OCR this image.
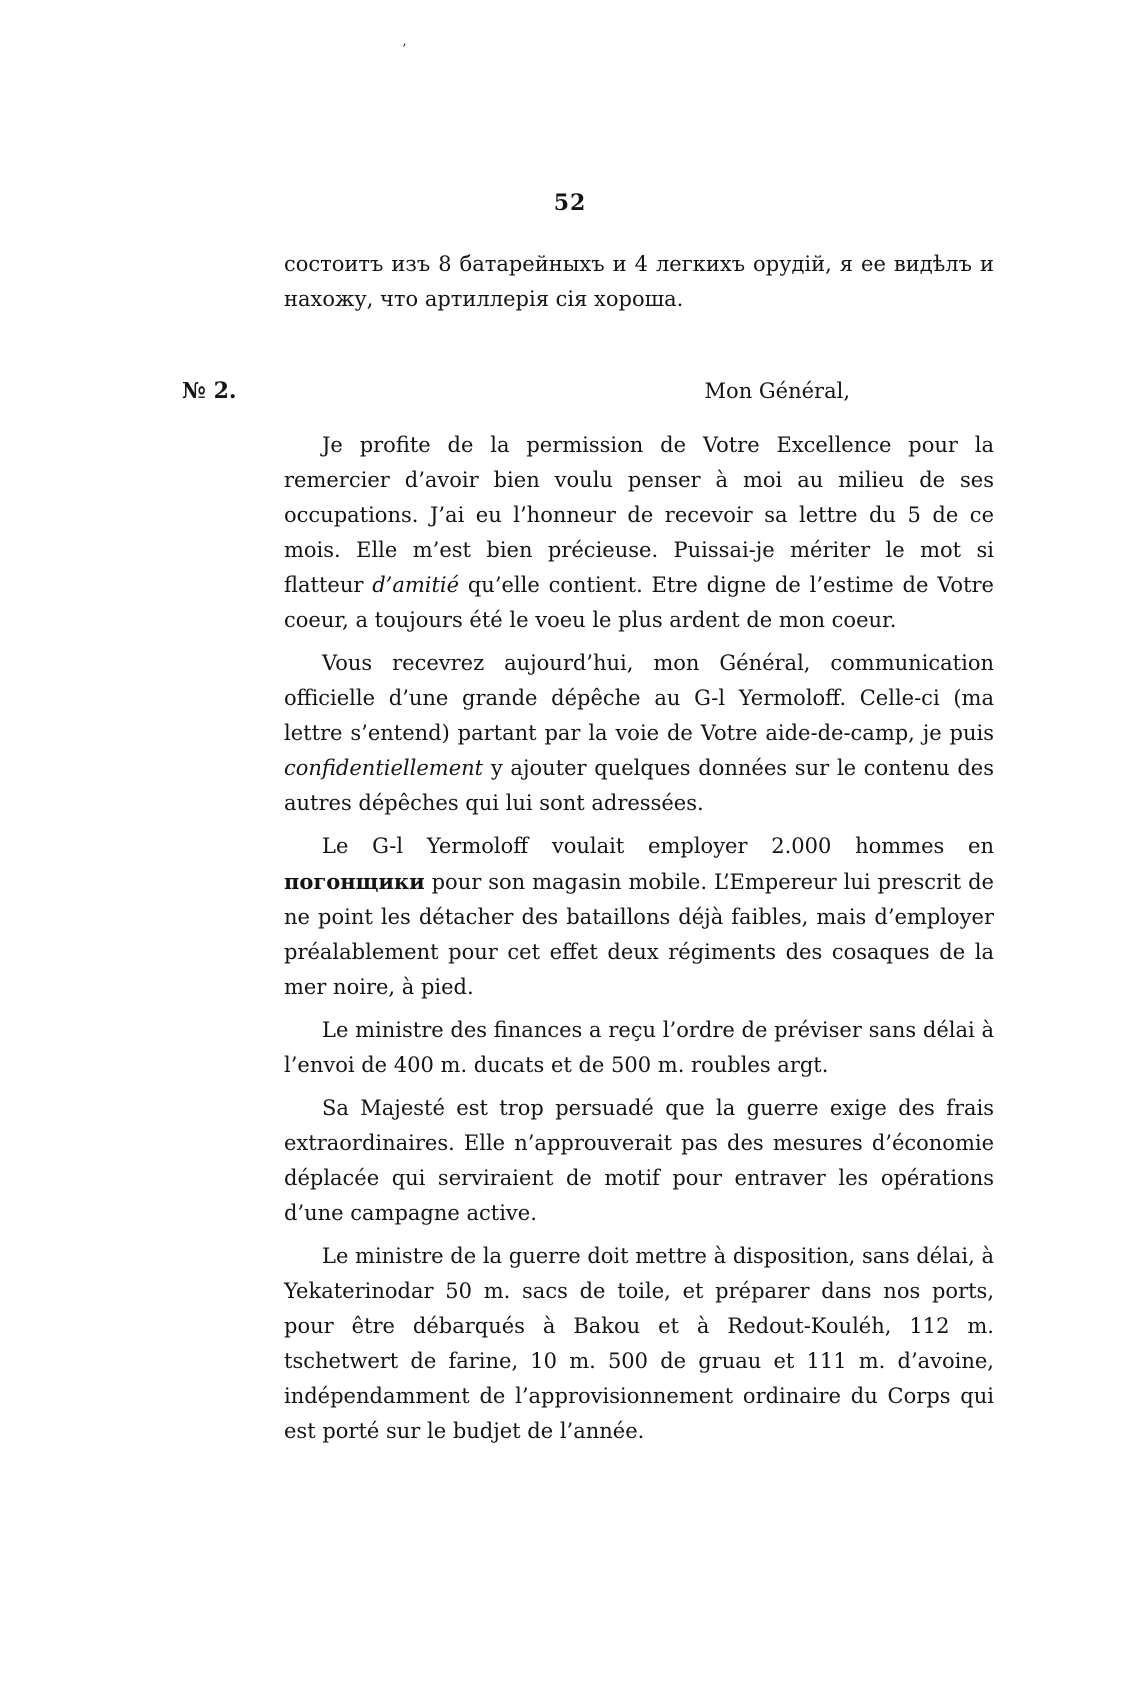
’
52

состоитъ изъ 8 батарейныхъ и 4 легкихъ орудій, я ее видѣлъ и нахожу, что артиллерія сія хороша.

№ 2.	Mon Général,

Je profite de la permission de Votre Excellence pour la remercier d’avoir bien voulu penser à moi au milieu de ses occupations. J’ai eu l’honneur de recevoir sa lettre du 5 de ce mois. Elle m’est bien précieuse. Puissai-je mériter le mot si flatteur d’amitié qu’elle contient. Etre digne de l’estime de Votre coeur, a toujours été le voeu le plus ardent de mon coeur.

Vous recevrez aujourd’hui, mon Général, communication officielle d’une grande dépêche au G-l Yermoloff. Celle-ci (ma lettre s’entend) partant par la voie de Votre aide-de-camp, je puis confidentiellement y ajouter quelques données sur le contenu des autres dépêches qui lui sont adressées.

Le G-l Yermoloff voulait employer 2.000 hommes en погонщики pour son magasin mobile. L’Empereur lui prescrit de ne point les détacher des bataillons déjà faibles, mais d’employer préalablement pour cet effet deux régiments des cosaques de la mer noire, à pied.

Le ministre des finances a reçu l’ordre de préviser sans délai à l’envoi de 400 m. ducats et de 500 m. roubles argt.

Sa Majesté est trop persuadé que la guerre exige des frais extraordinaires. Elle n’approuverait pas des mesures d’économie déplacée qui serviraient de motif pour entraver les opérations d’une campagne active.

Le ministre de la guerre doit mettre à disposition, sans délai, à Yekaterinodar 50 m. sacs de toile, et préparer dans nos ports, pour être débarqués à Bakou et à Redout-Kouléh, 112 m. tschetwert de farine, 10 m. 500 de gruau et 111 m. d’avoine, indépendamment de l’approvisionnement ordinaire du Corps qui est porté sur le budjet de l’année.
